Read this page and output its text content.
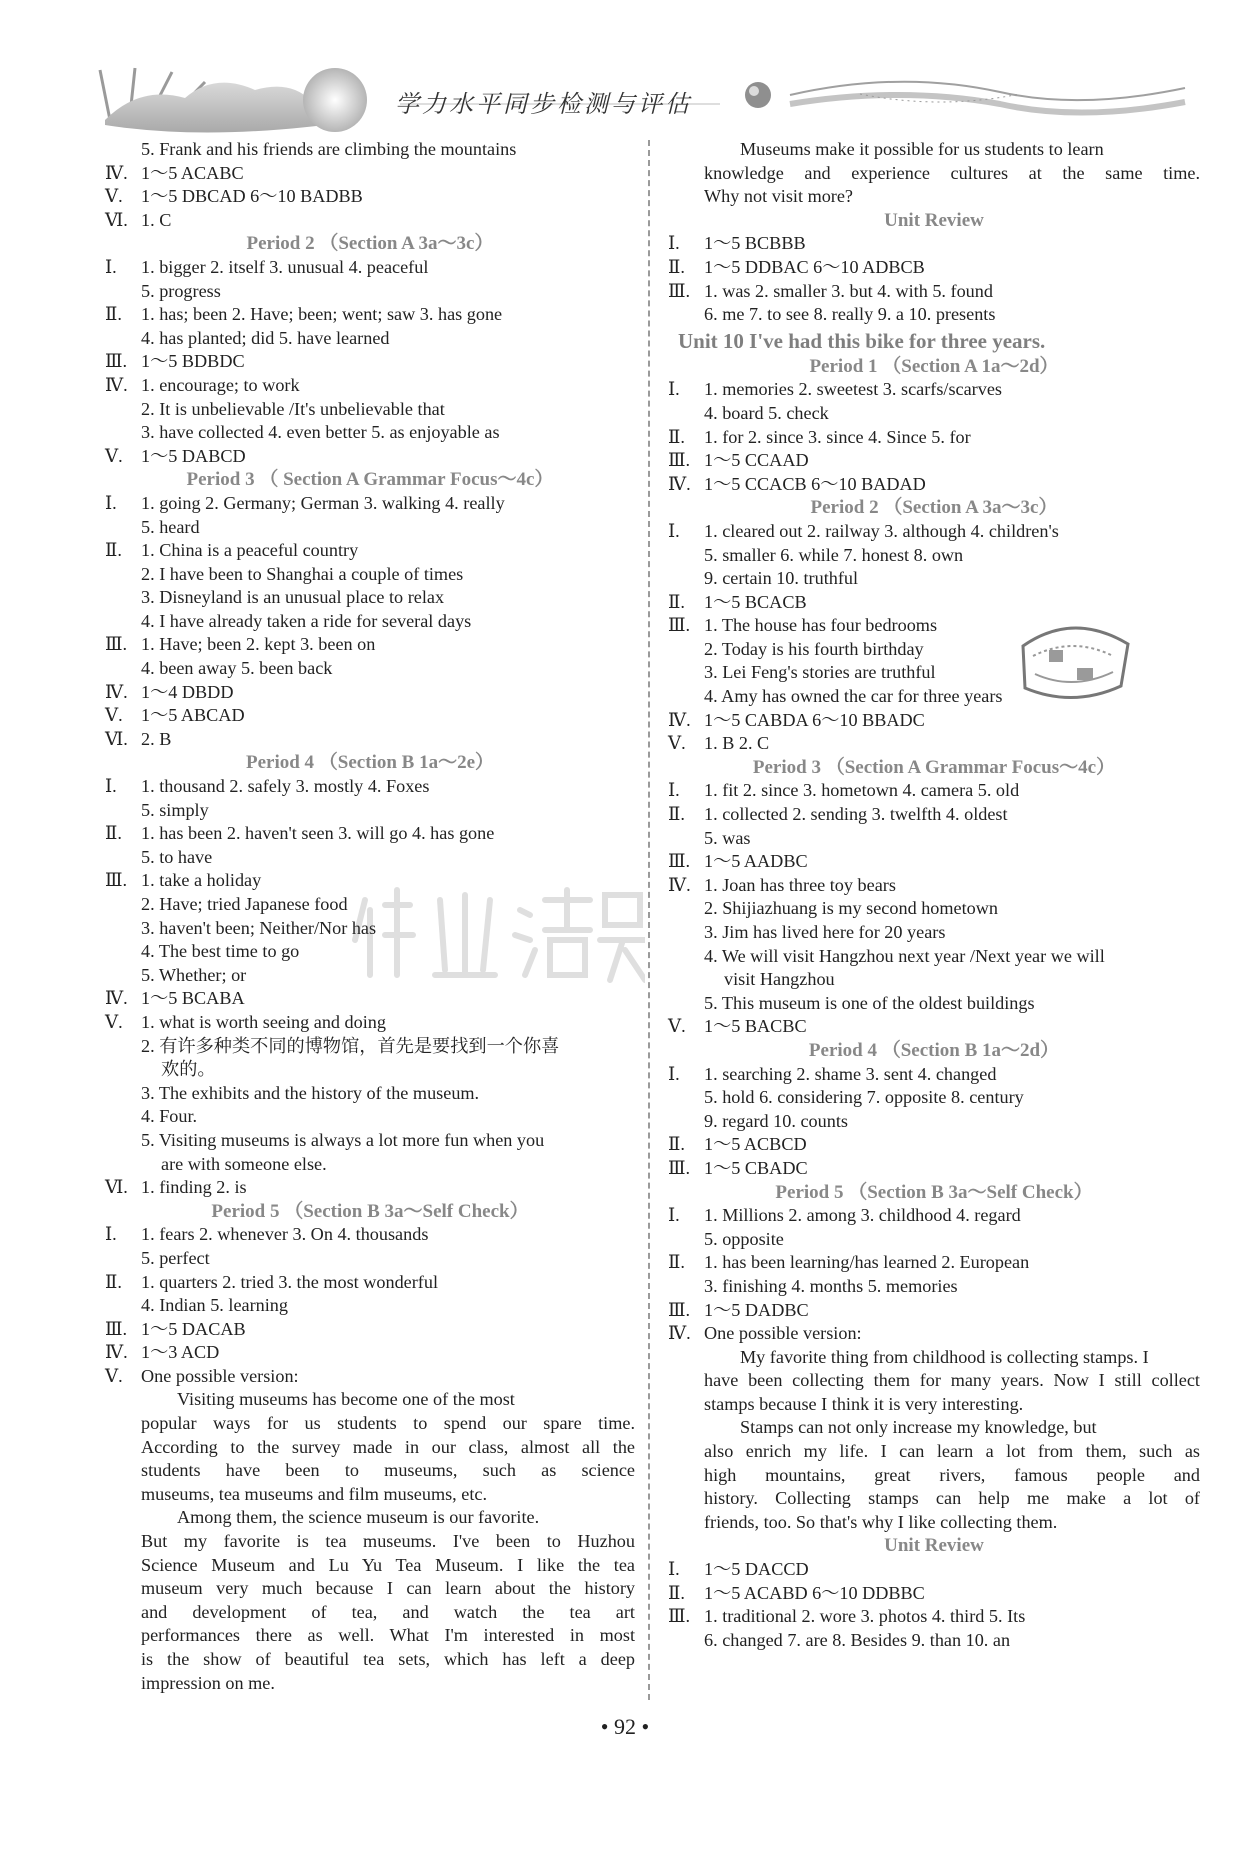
学力水平同步检测与评估
5. Frank and his friends are climbing the mountains
Ⅳ. 1～5 ACABC
Ⅴ. 1～5 DBCAD 6～10 BADBB
Ⅵ. 1. C
Period 2 （Section A 3a～3c）
Ⅰ. 1. bigger 2. itself 3. unusual 4. peaceful
5. progress
Ⅱ. 1. has; been 2. Have; been; went; saw 3. has gone
4. has planted; did 5. have learned
Ⅲ. 1～5 BDBDC
Ⅳ. 1. encourage; to work
2. It is unbelievable /It's unbelievable that
3. have collected 4. even better 5. as enjoyable as
Ⅴ. 1～5 DABCD
Period 3 （ Section A Grammar Focus～4c）
Ⅰ. 1. going 2. Germany; German 3. walking 4. really
5. heard
Ⅱ. 1. China is a peaceful country
2. I have been to Shanghai a couple of times
3. Disneyland is an unusual place to relax
4. I have already taken a ride for several days
Ⅲ. 1. Have; been 2. kept 3. been on
4. been away 5. been back
Ⅳ. 1～4 DBDD
Ⅴ. 1～5 ABCAD
Ⅵ. 2. B
Period 4 （Section B 1a～2e）
Ⅰ. 1. thousand 2. safely 3. mostly 4. Foxes
5. simply
Ⅱ. 1. has been 2. haven't seen 3. will go 4. has gone
5. to have
Ⅲ. 1. take a holiday
2. Have; tried Japanese food
3. haven't been; Neither/Nor has
4. The best time to go
5. Whether; or
Ⅳ. 1～5 BCABA
Ⅴ. 1. what is worth seeing and doing
2. 有许多种类不同的博物馆，首先是要找到一个你喜
欢的。
3. The exhibits and the history of the museum.
4. Four.
5. Visiting museums is always a lot more fun when you
are with someone else.
Ⅵ. 1. finding 2. is
Period 5 （Section B 3a～Self Check）
Ⅰ. 1. fears 2. whenever 3. On 4. thousands
5. perfect
Ⅱ. 1. quarters 2. tried 3. the most wonderful
4. Indian 5. learning
Ⅲ. 1～5 DACAB
Ⅳ. 1～3 ACD
Ⅴ. One possible version:
Visiting museums has become one of the most
popular ways for us students to spend our spare time.
According to the survey made in our class, almost all the
students have been to museums, such as science
museums, tea museums and film museums, etc.
Among them, the science museum is our favorite.
But my favorite is tea museums. I've been to Huzhou
Science Museum and Lu Yu Tea Museum. I like the tea
museum very much because I can learn about the history
and development of tea, and watch the tea art
performances there as well. What I'm interested in most
is the show of beautiful tea sets, which has left a deep
impression on me.
Museums make it possible for us students to learn
knowledge and experience cultures at the same time.
Why not visit more?
Unit Review
Ⅰ. 1～5 BCBBB
Ⅱ. 1～5 DDBAC 6～10 ADBCB
Ⅲ. 1. was 2. smaller 3. but 4. with 5. found
6. me 7. to see 8. really 9. a 10. presents
Unit 10 I've had this bike for three years.
Period 1 （Section A 1a～2d）
Ⅰ. 1. memories 2. sweetest 3. scarfs/scarves
4. board 5. check
Ⅱ. 1. for 2. since 3. since 4. Since 5. for
Ⅲ. 1～5 CCAAD
Ⅳ. 1～5 CCACB 6～10 BADAD
Period 2 （Section A 3a～3c）
Ⅰ. 1. cleared out 2. railway 3. although 4. children's
5. smaller 6. while 7. honest 8. own
9. certain 10. truthful
Ⅱ. 1～5 BCACB
Ⅲ. 1. The house has four bedrooms
2. Today is his fourth birthday
3. Lei Feng's stories are truthful
4. Amy has owned the car for three years
Ⅳ. 1～5 CABDA 6～10 BBADC
Ⅴ. 1. B 2. C
Period 3 （Section A Grammar Focus～4c）
Ⅰ. 1. fit 2. since 3. hometown 4. camera 5. old
Ⅱ. 1. collected 2. sending 3. twelfth 4. oldest
5. was
Ⅲ. 1～5 AADBC
Ⅳ. 1. Joan has three toy bears
2. Shijiazhuang is my second hometown
3. Jim has lived here for 20 years
4. We will visit Hangzhou next year /Next year we will
visit Hangzhou
5. This museum is one of the oldest buildings
Ⅴ. 1～5 BACBC
Period 4 （Section B 1a～2d）
Ⅰ. 1. searching 2. shame 3. sent 4. changed
5. hold 6. considering 7. opposite 8. century
9. regard 10. counts
Ⅱ. 1～5 ACBCD
Ⅲ. 1～5 CBADC
Period 5 （Section B 3a～Self Check）
Ⅰ. 1. Millions 2. among 3. childhood 4. regard
5. opposite
Ⅱ. 1. has been learning/has learned 2. European
3. finishing 4. months 5. memories
Ⅲ. 1～5 DADBC
Ⅳ. One possible version:
My favorite thing from childhood is collecting stamps. I
have been collecting them for many years. Now I still collect
stamps because I think it is very interesting.
Stamps can not only increase my knowledge, but
also enrich my life. I can learn a lot from them, such as
high mountains, great rivers, famous people and
history. Collecting stamps can help me make a lot of
friends, too. So that's why I like collecting them.
Unit Review
Ⅰ. 1～5 DACCD
Ⅱ. 1～5 ACABD 6～10 DDBBC
Ⅲ. 1. traditional 2. wore 3. photos 4. third 5. Its
6. changed 7. are 8. Besides 9. than 10. an
• 92 •
